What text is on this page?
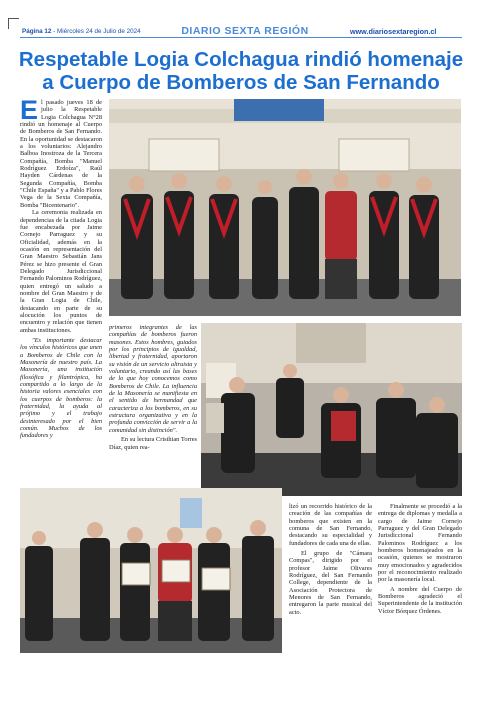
Página 12 - Miércoles 24 de Julio de 2024	DIARIO SEXTA REGIÓN	www.diariosextaregion.cl
Respetable Logia Colchagua rindió homenaje
a Cuerpo de Bomberos de San Fernando

El pasado jueves 18 de julio la Respetable Logia Colchagua N°28 rindió un homenaje al Cuerpo de Bomberos de San Fernando. En la oportunidad se destacaron a los voluntarios: Alejandro Balboa Inostroza de la Tercera Compañía, Bomba "Manuel Rodríguez Erdoíza", Raúl Hayden Cárdenas de la Segunda Compañía, Bomba "Chile España" y a Pablo Flores Vega de la Sexta Compañía, Bomba "Bicentenario".

La ceremonia realizada en dependencias de la citada Logia fue encabezada por Jaime Cornejo Parraguez y su Oficialidad, además en la ocasión en representación del Gran Maestro Sebastián Jans Pérez se hizo presente el Gran Delegado Jurisdiccional Fernando Palominos Rodríguez, quien entregó un saludo a nombre del Gran Maestro y de la Gran Logia de Chile, destacando en parte de su alocución los puntos de encuentro y relación que tienen ambas instituciones.

"Es importante destacar los vínculos históricos que unen a Bomberos de Chile con la Masonería de nuestro país. La Masonería, una institución filosófica y filantrópica, ha compartido a lo largo de la historia valores esenciales con los cuerpos de bomberos: la fraternidad, la ayuda al prójimo y el trabajo desinteresado por el bien común. Muchos de los fundadores y

primeros integrantes de las compañías de bomberos fueron masones. Estos hombres, guiados por los principios de igualdad, libertad y fraternidad, aportaron su visión de un servicio altruista y voluntario, creando así las bases de lo que hoy conocemos como Bomberos de Chile. La influencia de la Masonería se manifiesta en el sentido de hermandad que caracteriza a los bomberos, en su estructura organizativa y en la profunda convicción de servir a la comunidad sin distinción".

En su lectura Cristhian Torres Díaz, quien rea-

lizó un recorrido histórico de la creación de las compañías de bomberos que existen en la comuna de San Fernando, destacando su especialidad y fundadores de cada una de ellas.

El grupo de "Cámara Compas", dirigido por el profesor Jaime Olivares Rodríguez, del San Fernando College, dependiente de la Asociación Protectora de Menores de San Fernando, entregaron la parte musical del acto.

Finalmente se procedió a la entrega de diplomas y medalla a cargo de Jaime Cornejo Parraguez y del Gran Delegado Jurisdiccional Fernando Palominos Rodríguez a los bomberos homenajeados en la ocasión, quienes se mostraron muy emocionados y agradecidos por el reconocimiento realizado por la masonería local.

A nombre del Cuerpo de Bomberos agradeció el Superintendente de la institución Víctor Bórquez Órdenes.
